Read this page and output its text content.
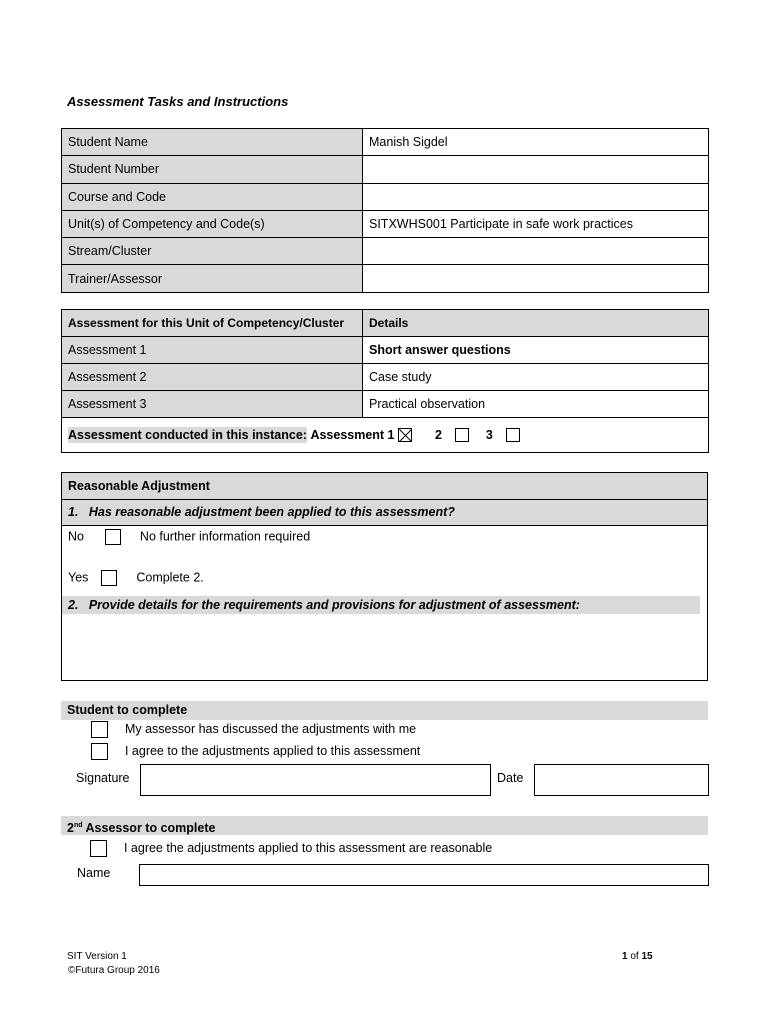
Assessment Tasks and Instructions
Student Name	Manish Sigdel
Student Number	
Course and Code	
Unit(s) of Competency and Code(s)	SITXWHS001 Participate in safe work practices
Stream/Cluster	
Trainer/Assessor	
Assessment for this Unit of Competency/Cluster	Details
Assessment 1	Short answer questions
Assessment 2	Case study
Assessment 3	Practical observation
Assessment conducted in this instance: Assessment 1 2 3	
Reasonable Adjustment
1.   Has reasonable adjustment been applied to this assessment?
No	No further information required
Yes	Complete 2.
2.   Provide details for the requirements and provisions for adjustment of assessment:
Student to complete
My assessor has discussed the adjustments with me
I agree to the adjustments applied to this assessment
Signature	Date
2nd Assessor to complete
I agree the adjustments applied to this assessment are reasonable
Name
SIT Version 1
©Futura Group 2016
1 of 15
